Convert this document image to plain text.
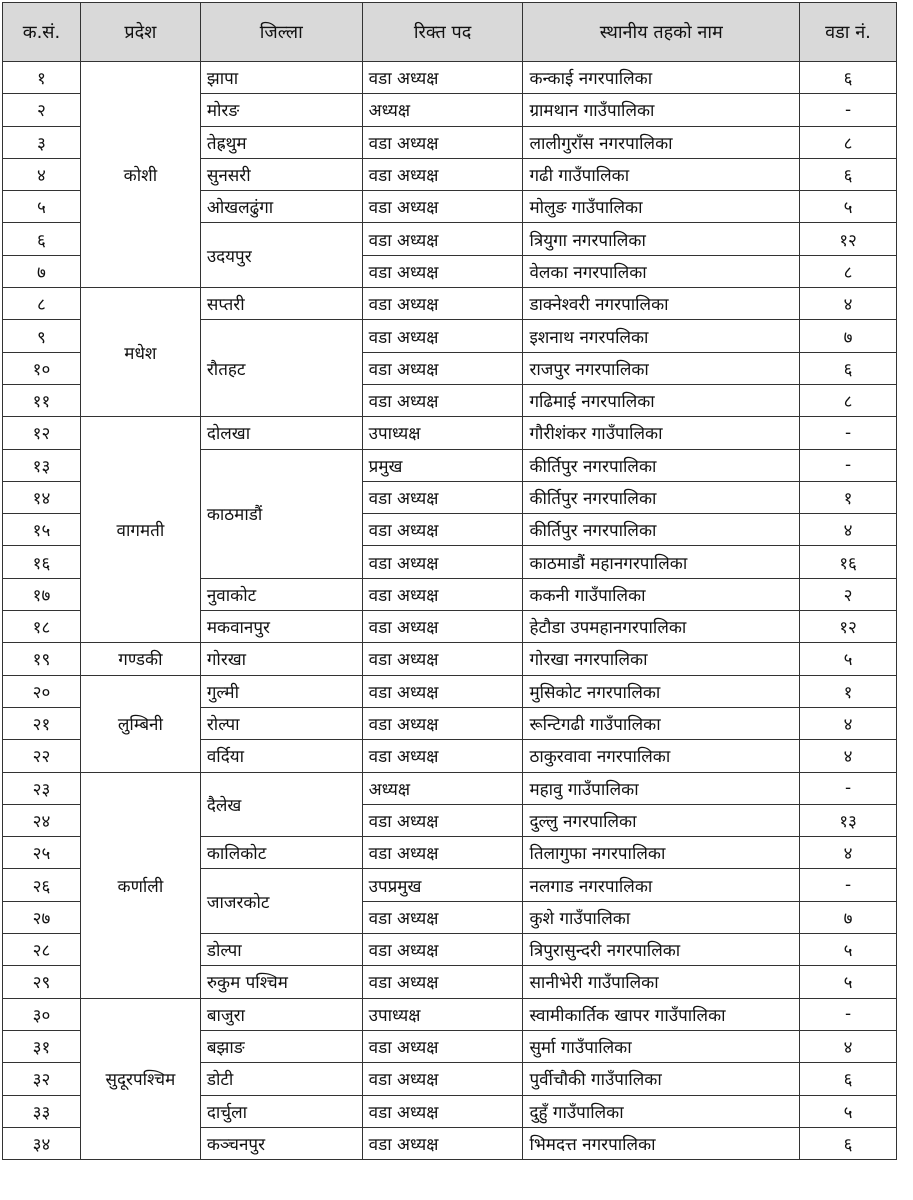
क.सं.	प्रदेश	जिल्ला	रिक्त पद	स्थानीय तहको नाम	वडा नं.
१	कोशी	झापा	वडा अध्यक्ष	कन्काई नगरपालिका	६
२		मोरङ	अध्यक्ष	ग्रामथान गाउँपालिका	-
३		तेह्रथुम	वडा अध्यक्ष	लालीगुराँस नगरपालिका	८
४		सुनसरी	वडा अध्यक्ष	गढी गाउँपालिका	६
५		ओखलढुंगा	वडा अध्यक्ष	मोलुङ गाउँपालिका	५
६		उदयपुर	वडा अध्यक्ष	त्रियुगा नगरपालिका	१२
७			वडा अध्यक्ष	वेलका नगरपालिका	८
८	मधेश	सप्तरी	वडा अध्यक्ष	डाक्नेश्वरी नगरपालिका	४
९		रौतहट	वडा अध्यक्ष	इशनाथ नगरपलिका	७
१०			वडा अध्यक्ष	राजपुर नगरपालिका	६
११			वडा अध्यक्ष	गढिमाई नगरपालिका	८
१२	वागमती	दोलखा	उपाध्यक्ष	गौरीशंकर गाउँपालिका	-
१३		काठमाडौं	प्रमुख	कीर्तिपुर नगरपालिका	-
१४			वडा अध्यक्ष	कीर्तिपुर नगरपालिका	१
१५			वडा अध्यक्ष	कीर्तिपुर नगरपालिका	४
१६			वडा अध्यक्ष	काठमाडौं महानगरपालिका	१६
१७		नुवाकोट	वडा अध्यक्ष	ककनी गाउँपालिका	२
१८		मकवानपुर	वडा अध्यक्ष	हेटौडा उपमहानगरपालिका	१२
१९	गण्डकी	गोरखा	वडा अध्यक्ष	गोरखा नगरपालिका	५
२०	लुम्बिनी	गुल्मी	वडा अध्यक्ष	मुसिकोट नगरपालिका	१
२१		रोल्पा	वडा अध्यक्ष	रून्टिगढी गाउँपालिका	४
२२		वर्दिया	वडा अध्यक्ष	ठाकुरवावा नगरपालिका	४
२३	कर्णाली	दैलेख	अध्यक्ष	महावु गाउँपालिका	-
२४			वडा अध्यक्ष	दुल्लु नगरपालिका	१३
२५		कालिकोट	वडा अध्यक्ष	तिलागुफा नगरपालिका	४
२६		जाजरकोट	उपप्रमुख	नलगाड नगरपालिका	-
२७			वडा अध्यक्ष	कुशे गाउँपालिका	७
२८		डोल्पा	वडा अध्यक्ष	त्रिपुरासुन्दरी नगरपालिका	५
२९		रुकुम पश्चिम	वडा अध्यक्ष	सानीभेरी गाउँपालिका	५
३०	सुदूरपश्चिम	बाजुरा	उपाध्यक्ष	स्वामीकार्तिक खापर गाउँपालिका	-
३१		बझाङ	वडा अध्यक्ष	सुर्मा गाउँपालिका	४
३२		डोटी	वडा अध्यक्ष	पुर्वीचौकी गाउँपालिका	६
३३		दार्चुला	वडा अध्यक्ष	दुहुँ गाउँपालिका	५
३४		कञ्चनपुर	वडा अध्यक्ष	भिमदत्त नगरपालिका	६
